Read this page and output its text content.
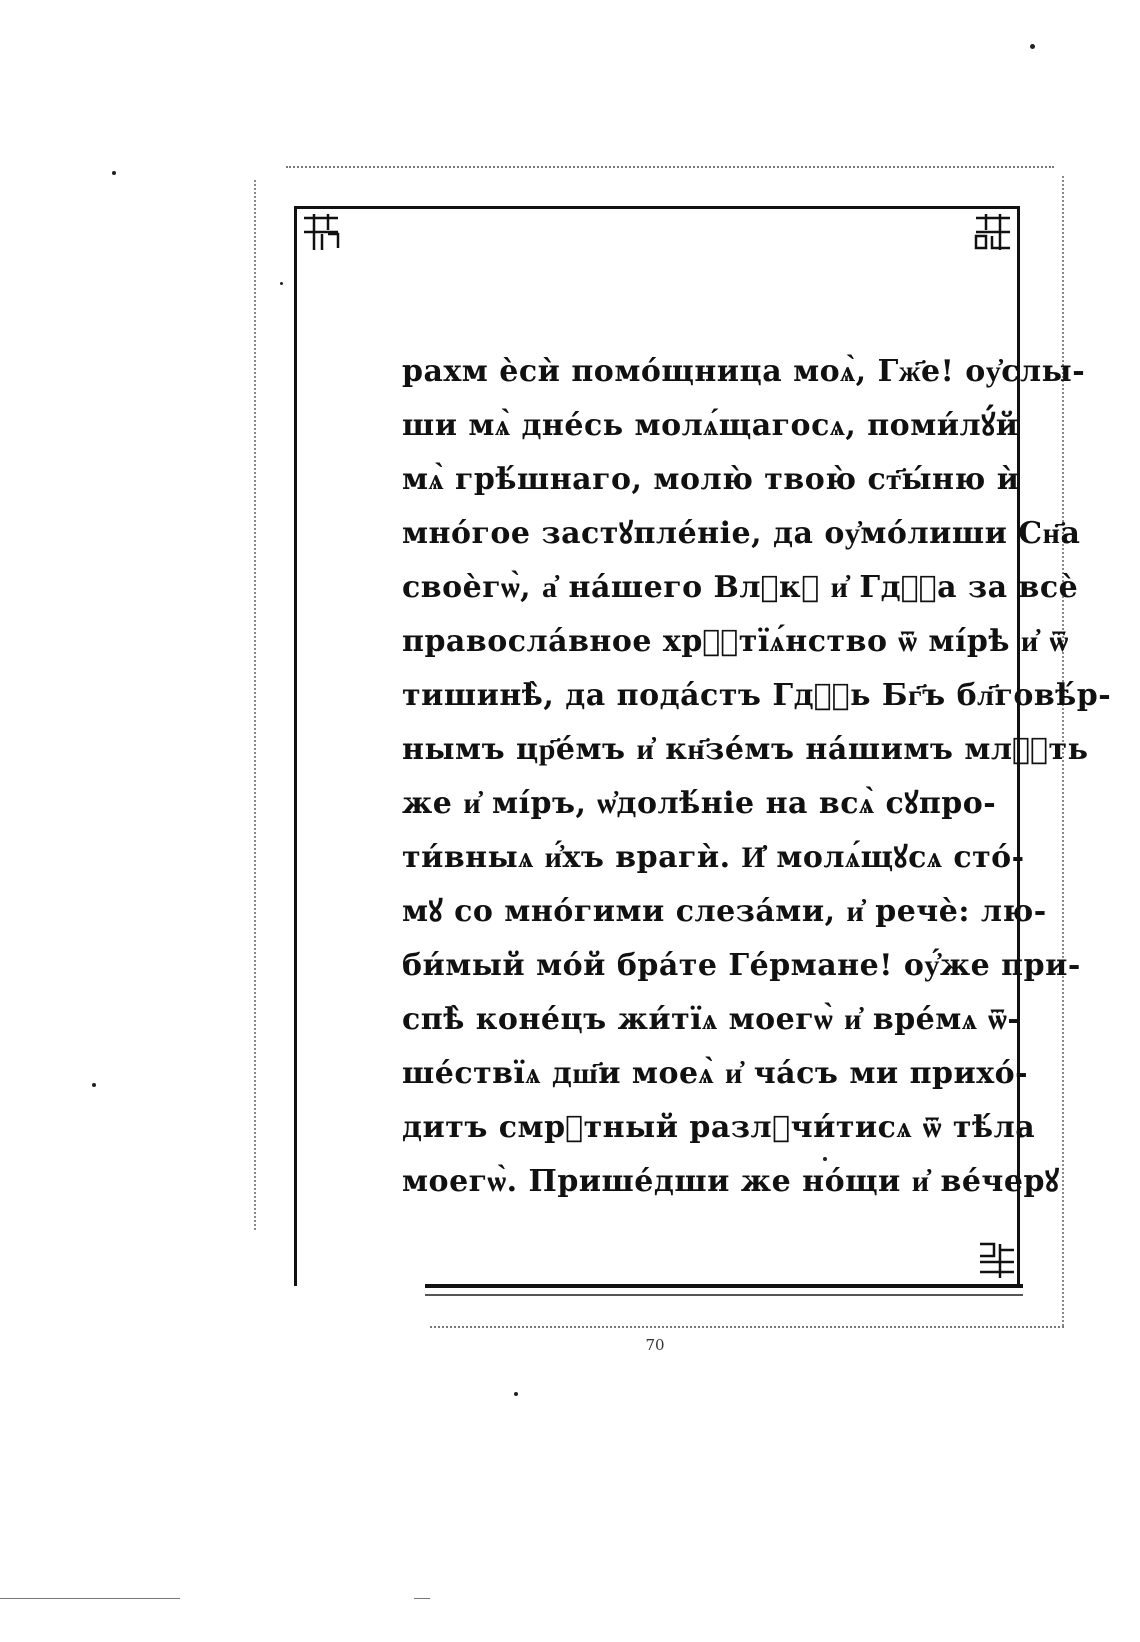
рахм ѐсѝ помо́щница моѧ̀, Гж҃е! оу҆слы-
ши мѧ̀ дне́сь молѧ́щагосѧ, поми́лꙋ́й
мѧ̀ грѣ́шнаго, молю̀ твою̀ ст҃ы́ню ѝ
мно́гое застꙋпле́ніе, да оу҆мо́лиши Сн҃а
своѐгѡ̀, а҆ на́шего Влⷣкꙋ и҆ Гдⷭ҇а за всѐ
правосла́вное хрⷭ҇тїѧ́нство ѿ мі́рѣ и҆ ѿ
тишинѣ̀, да пода́стъ Гдⷭ҇ь Бг҃ъ бл҃говѣ́р-
нымъ цр҃е́мъ и҆ кн҃зе́мъ на́шимъ млⷭ҇ть
же и҆ мі́ръ, ѡ҆долѣ́ніе на всѧ̀ сꙋпро-
ти́вныѧ и҆́хъ врагѝ. И҆ молѧ́щꙋсѧ сто́-
мꙋ со мно́гими слеза́ми, и҆ речѐ: лю-
би́мый мо́й бра́те Ге́рмане! оу҆́же при-
спѣ̀ коне́цъ жи́тїѧ моегѡ̀ и҆ вре́мѧ ѿ-
ше́ствїѧ дш҃и моеѧ̀ и҆ ча́съ ми прихо́-
дитъ смрⷮтный разлꙋчи́тисѧ ѿ тѣ́ла
моегѡ̀. Прише́дши же но́щи и҆ ве́черꙋ
70
